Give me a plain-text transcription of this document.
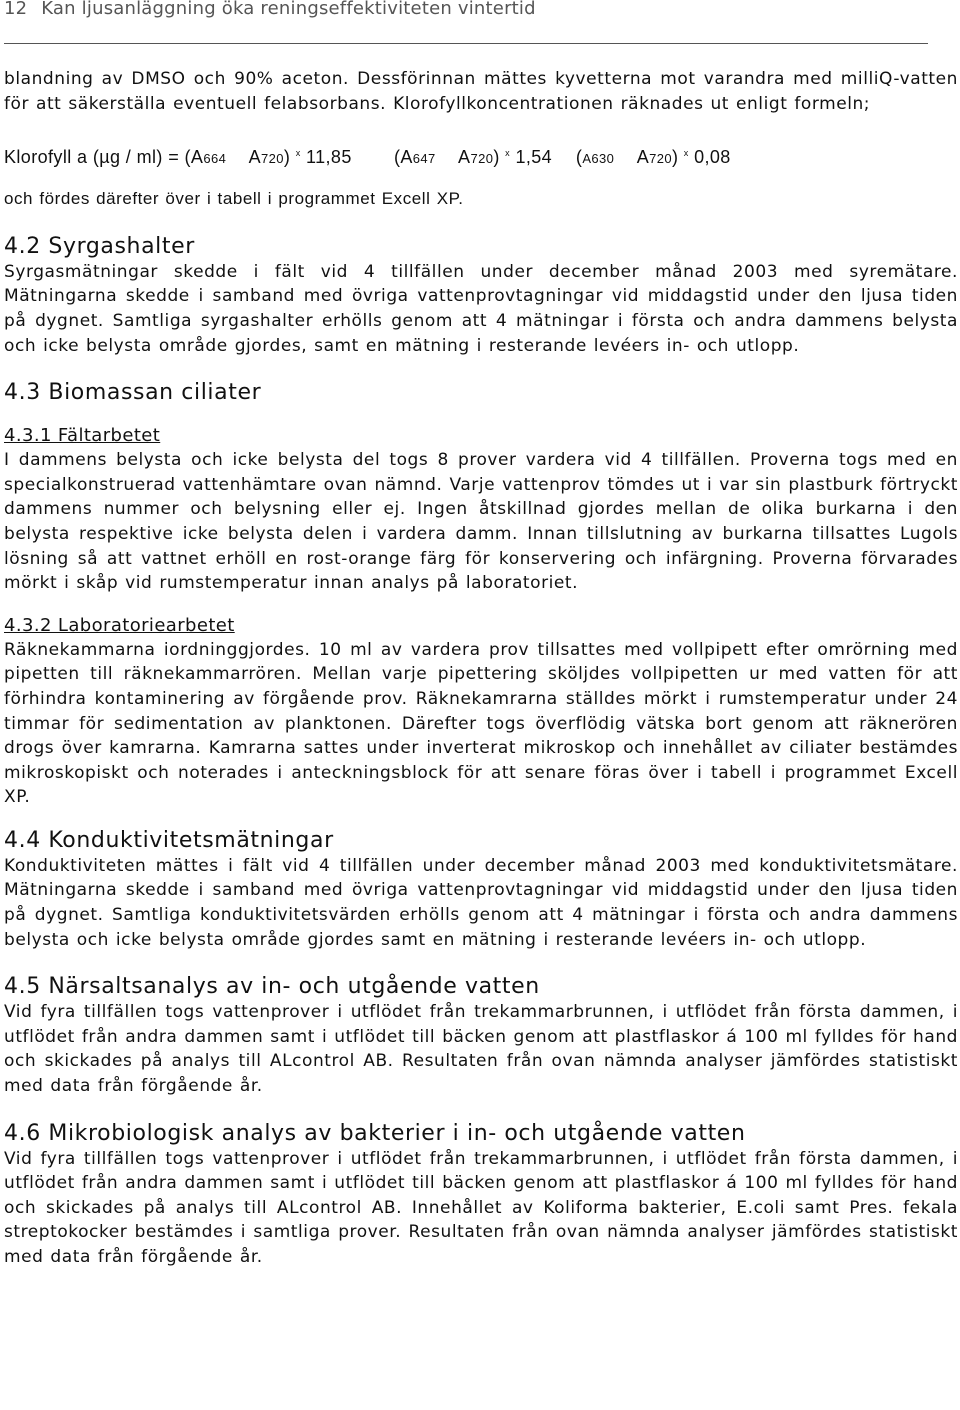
12 Kan ljusanläggning öka reningseffektiviteten vintertid

blandning av DMSO och 90% aceton. Dessförinnan mättes kyvetterna mot varandra med milliQ-vatten för att säkerställa eventuell felabsorbans. Klorofyllkoncentrationen räknades ut enligt formeln;

Klorofyll a (µg / ml) = (A664   A720) $^x$ 11,85   (A647   A720) $^x$ 1,54  (A630   A720) $^x$ 0,08

och fördes därefter över i tabell i programmet Excell XP.

4.2 Syrgashalter

Syrgasmätningar skedde i fält vid 4 tillfällen under december månad 2003 med syremätare. Mätningarna skedde i samband med övriga vattenprovtagningar vid middagstid under den ljusa tiden på dygnet. Samtliga syrgashalter erhölls genom att 4 mätningar i första och andra dammens belysta och icke belysta område gjordes, samt en mätning i resterande levéers in- och utlopp.

4.3 Biomassan ciliater
4.3.1 Fältarbetet

I dammens belysta och icke belysta del togs 8 prover vardera vid 4 tillfällen. Proverna togs med en specialkonstruerad vattenhämtare ovan nämnd. Varje vattenprov tömdes ut i var sin plastburk förtryckt dammens nummer och belysning eller ej. Ingen åtskillnad gjordes mellan de olika burkarna i den belysta respektive icke belysta delen i vardera damm. Innan tillslutning av burkarna tillsattes Lugols lösning så att vattnet erhöll en rost-orange färg för konservering och infärgning. Proverna förvarades mörkt i skåp vid rumstemperatur innan analys på laboratoriet.

4.3.2 Laboratoriearbetet

Räknekammarna iordninggjordes. 10 ml av vardera prov tillsattes med vollpipett efter omrörning med pipetten till räknekammarrören. Mellan varje pipettering sköljdes vollpipetten ur med vatten för att förhindra kontaminering av förgående prov. Räknekamrarna ställdes mörkt i rumstemperatur under 24 timmar för sedimentation av planktonen. Därefter togs överflödig vätska bort genom att räknerören drogs över kamrarna. Kamrarna sattes under inverterat mikroskop och innehållet av ciliater bestämdes mikroskopiskt och noterades i anteckningsblock för att senare föras över i tabell i programmet Excell XP.

4.4 Konduktivitetsmätningar

Konduktiviteten mättes i fält vid 4 tillfällen under december månad 2003 med konduktivitetsmätare. Mätningarna skedde i samband med övriga vattenprovtagningar vid middagstid under den ljusa tiden på dygnet. Samtliga konduktivitetsvärden erhölls genom att 4 mätningar i första och andra dammens belysta och icke belysta område gjordes samt en mätning i resterande levéers in- och utlopp.

4.5 Närsaltsanalys av in- och utgående vatten

Vid fyra tillfällen togs vattenprover i utflödet från trekammarbrunnen, i utflödet från första dammen, i utflödet från andra dammen samt i utflödet till bäcken genom att plastflaskor á 100 ml fylldes för hand och skickades på analys till ALcontrol AB. Resultaten från ovan nämnda analyser jämfördes statistiskt med data från förgående år.

4.6 Mikrobiologisk analys av bakterier i in- och utgående vatten

Vid fyra tillfällen togs vattenprover i utflödet från trekammarbrunnen, i utflödet från första dammen, i utflödet från andra dammen samt i utflödet till bäcken genom att plastflaskor á 100 ml fylldes för hand och skickades på analys till ALcontrol AB. Innehållet av Koliforma bakterier, E.coli samt Pres. fekala streptokocker bestämdes i samtliga prover. Resultaten från ovan nämnda analyser jämfördes statistiskt med data från förgående år.
